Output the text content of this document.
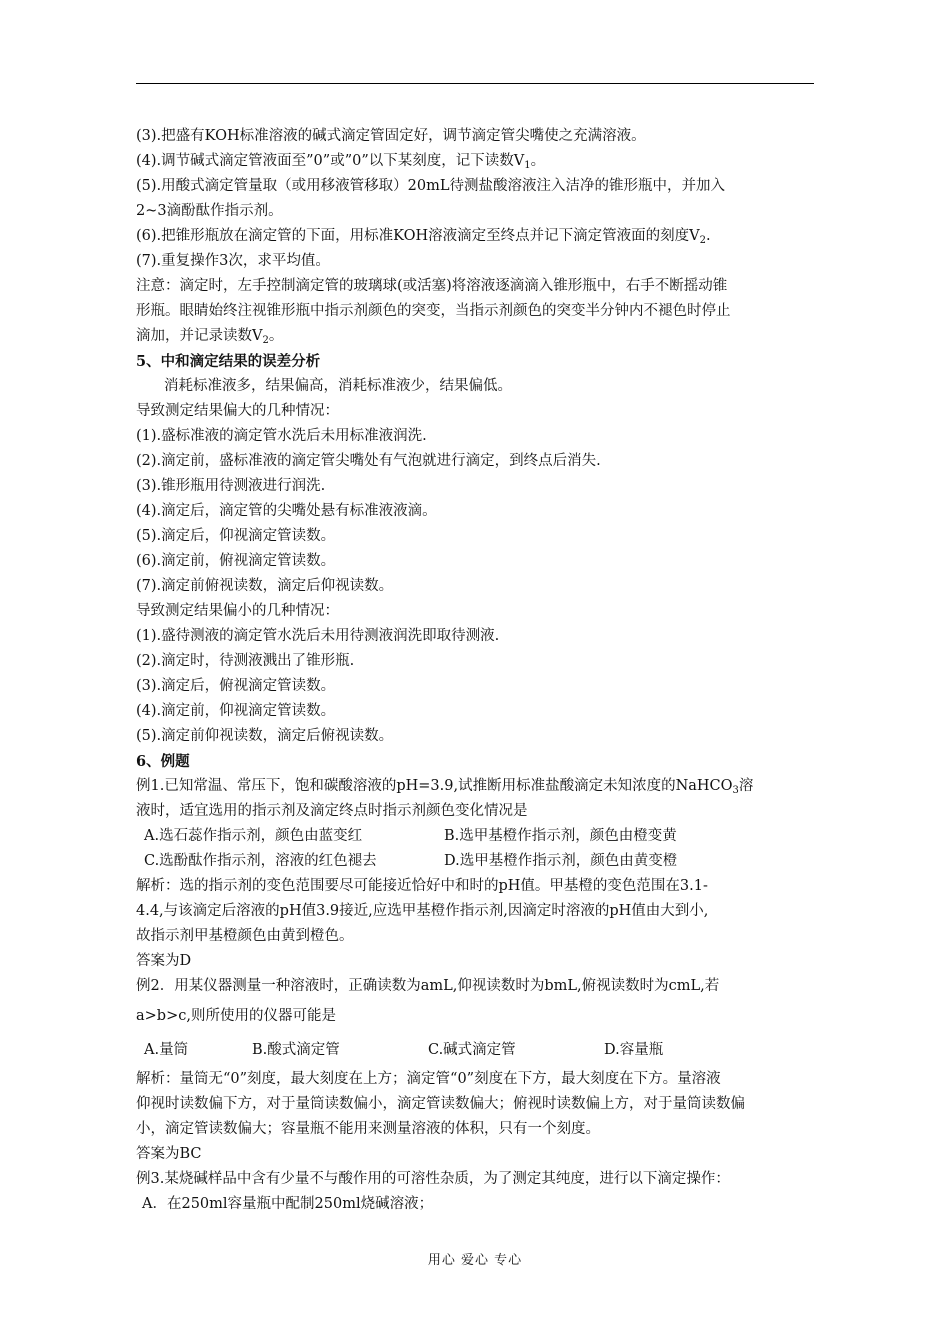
(3).把盛有KOH标准溶液的碱式滴定管固定好，调节滴定管尖嘴使之充满溶液。
(4).调节碱式滴定管液面至”0”或”0”以下某刻度，记下读数$V_1$。
(5).用酸式滴定管量取（或用移液管移取）20mL待测盐酸溶液注入洁净的锥形瓶中，并加入
2~3滴酚酞作指示剂。
(6).把锥形瓶放在滴定管的下面，用标准KOH溶液滴定至终点并记下滴定管液面的刻度$V_2$.
(7).重复操作3次，求平均值。
注意：滴定时，左手控制滴定管的玻璃球(或活塞)将溶液逐滴滴入锥形瓶中，右手不断摇动锥
形瓶。眼睛始终注视锥形瓶中指示剂颜色的突变，当指示剂颜色的突变半分钟内不褪色时停止
滴加，并记录读数$V_2$。
5、中和滴定结果的误差分析
消耗标准液多，结果偏高，消耗标准液少，结果偏低。
导致测定结果偏大的几种情况：
(1).盛标准液的滴定管水洗后未用标准液润洗.
(2).滴定前，盛标准液的滴定管尖嘴处有气泡就进行滴定，到终点后消失.
(3).锥形瓶用待测液进行润洗.
(4).滴定后，滴定管的尖嘴处悬有标准液液滴。
(5).滴定后，仰视滴定管读数。
(6).滴定前，俯视滴定管读数。
(7).滴定前俯视读数，滴定后仰视读数。
导致测定结果偏小的几种情况：
(1).盛待测液的滴定管水洗后未用待测液润洗即取待测液.
(2).滴定时，待测液溅出了锥形瓶.
(3).滴定后，俯视滴定管读数。
(4).滴定前，仰视滴定管读数。
(5).滴定前仰视读数，滴定后俯视读数。
6、例题
例1.已知常温、常压下，饱和碳酸溶液的pH=3.9,试推断用标准盐酸滴定未知浓度的NaHCO$_3$溶
液时，适宜选用的指示剂及滴定终点时指示剂颜色变化情况是
A.选石蕊作指示剂，颜色由蓝变红	B.选甲基橙作指示剂，颜色由橙变黄
C.选酚酞作指示剂，溶液的红色褪去	D.选甲基橙作指示剂，颜色由黄变橙
解析：选的指示剂的变色范围要尽可能接近恰好中和时的pH值。甲基橙的变色范围在3.1-
4.4,与该滴定后溶液的pH值3.9接近,应选甲基橙作指示剂,因滴定时溶液的pH值由大到小,
故指示剂甲基橙颜色由黄到橙色。
答案为D
例2．用某仪器测量一种溶液时，正确读数为amL,仰视读数时为bmL,俯视读数时为cmL,若
a>b>c,则所使用的仪器可能是
A.量筒	B.酸式滴定管	C.碱式滴定管	D.容量瓶
解析：量筒无“0”刻度，最大刻度在上方；滴定管“0”刻度在下方，最大刻度在下方。量溶液
仰视时读数偏下方，对于量筒读数偏小，滴定管读数偏大；俯视时读数偏上方，对于量筒读数偏
小，滴定管读数偏大；容量瓶不能用来测量溶液的体积，只有一个刻度。
答案为BC
例3.某烧碱样品中含有少量不与酸作用的可溶性杂质，为了测定其纯度，进行以下滴定操作：
A．在250ml容量瓶中配制250ml烧碱溶液；
用心 爱心 专心
